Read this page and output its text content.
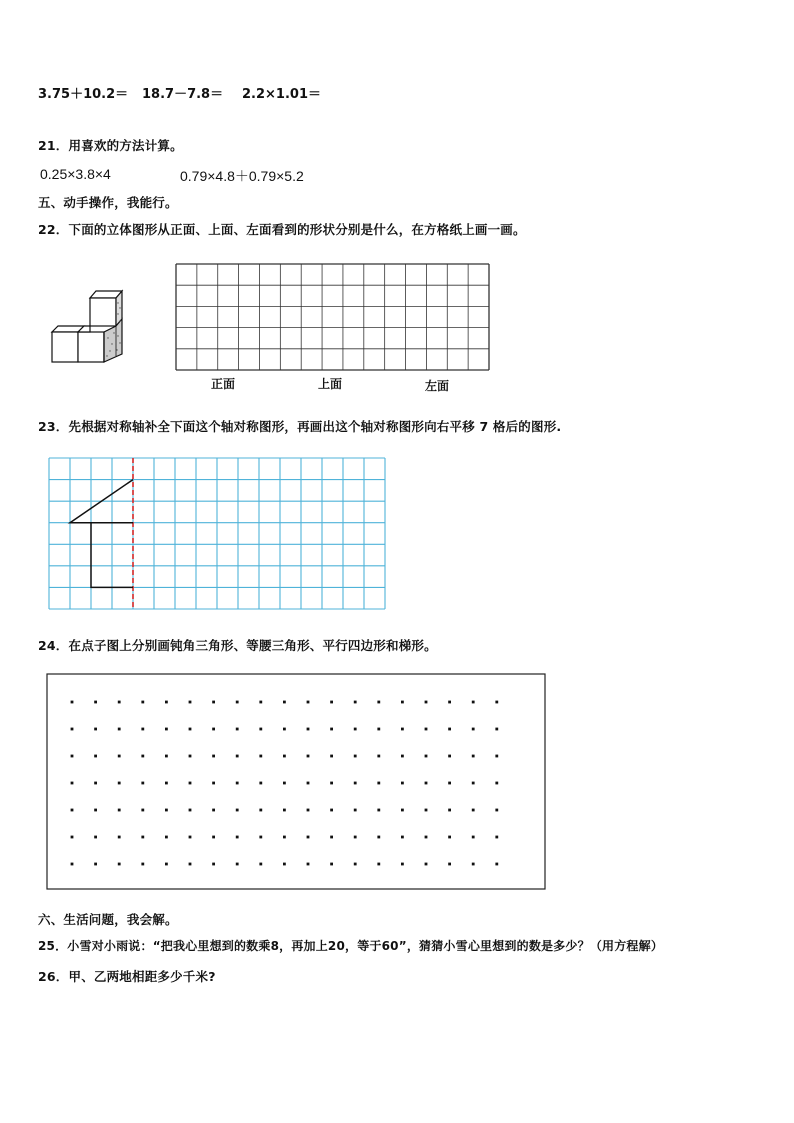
3.75＋10.2＝ 18.7－7.8＝ 2.2×1.01＝
21．用喜欢的方法计算。
0.25×3.8×4	0.79×4.8＋0.79×5.2
五、动手操作，我能行。
22．下面的立体图形从正面、上面、左面看到的形状分别是什么，在方格纸上画一画。
正面	上面	左面
23．先根据对称轴补全下面这个轴对称图形，再画出这个轴对称图形向右平移 7 格后的图形.
24．在点子图上分别画钝角三角形、等腰三角形、平行四边形和梯形。
六、生活问题，我会解。
25．小雪对小雨说：“把我心里想到的数乘8，再加上20，等于60”，猜猜小雪心里想到的数是多少？（用方程解）
26．甲、乙两地相距多少千米?
